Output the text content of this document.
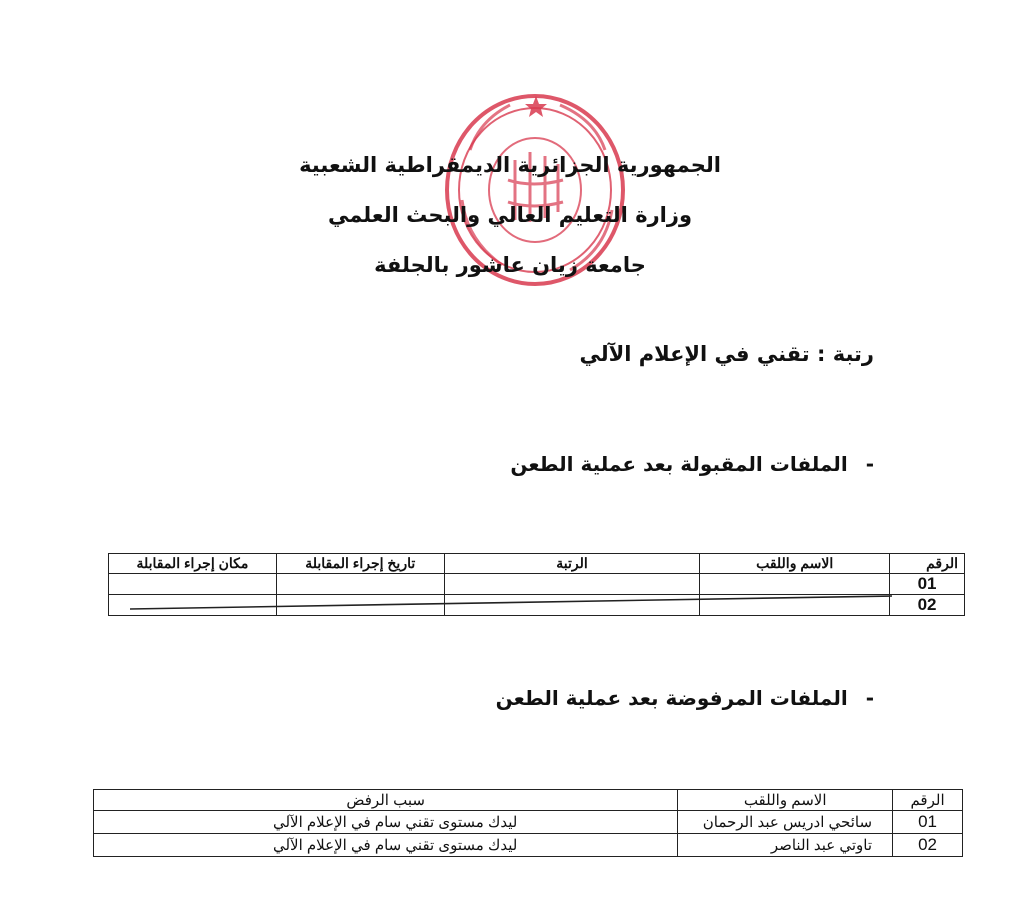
الجمهورية الجزائرية الديمقراطية الشعبية
وزارة التعليم العالي والبحث العلمي
جامعة زيان عاشور بالجلفة
رتبة : تقني في الإعلام الآلي
-
الملفات المقبولة بعد عملية الطعن
الرقم	الاسم واللقب	الرتبة	تاريخ إجراء المقابلة	مكان إجراء المقابلة
01				
02				
-
الملفات المرفوضة بعد عملية الطعن
الرقم	الاسم واللقب	سبب الرفض
01	سائحي ادريس عبد الرحمان	ليدك مستوى تقني سام في الإعلام الآلي
02	تاوتي عبد الناصر	ليدك مستوى تقني سام في الإعلام الآلي
